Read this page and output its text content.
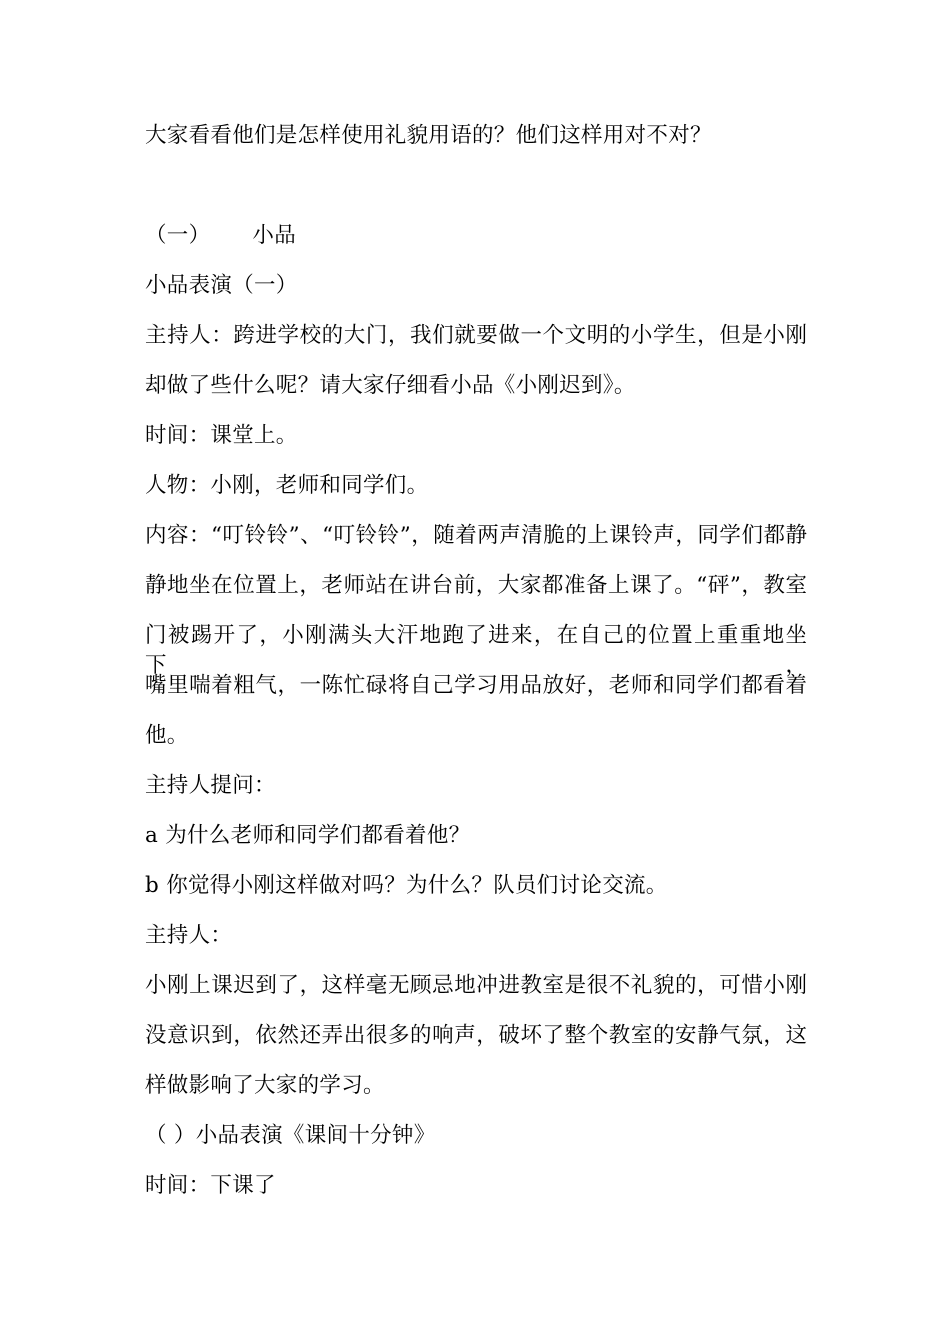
大家看看他们是怎样使用礼貌用语的？他们这样用对不对？
（一） 小品
小品表演（一）
主持人：跨进学校的大门，我们就要做一个文明的小学生，但是小刚
却做了些什么呢？请大家仔细看小品《小刚迟到》。
时间：课堂上。
人物：小刚，老师和同学们。
内容：“叮铃铃”、“叮铃铃”，随着两声清脆的上课铃声，同学们都静
静地坐在位置上，老师站在讲台前，大家都准备上课了。“砰”，教室
门被踢开了，小刚满头大汗地跑了进来，在自己的位置上重重地坐下，
嘴里喘着粗气，一陈忙碌将自己学习用品放好，老师和同学们都看着
他。
主持人提问：
a 为什么老师和同学们都看着他？
b 你觉得小刚这样做对吗？为什么？队员们讨论交流。
主持人：
小刚上课迟到了，这样毫无顾忌地冲进教室是很不礼貌的，可惜小刚
没意识到，依然还弄出很多的响声，破坏了整个教室的安静气氛，这
样做影响了大家的学习。
（ ）小品表演《课间十分钟》
时间：下课了
